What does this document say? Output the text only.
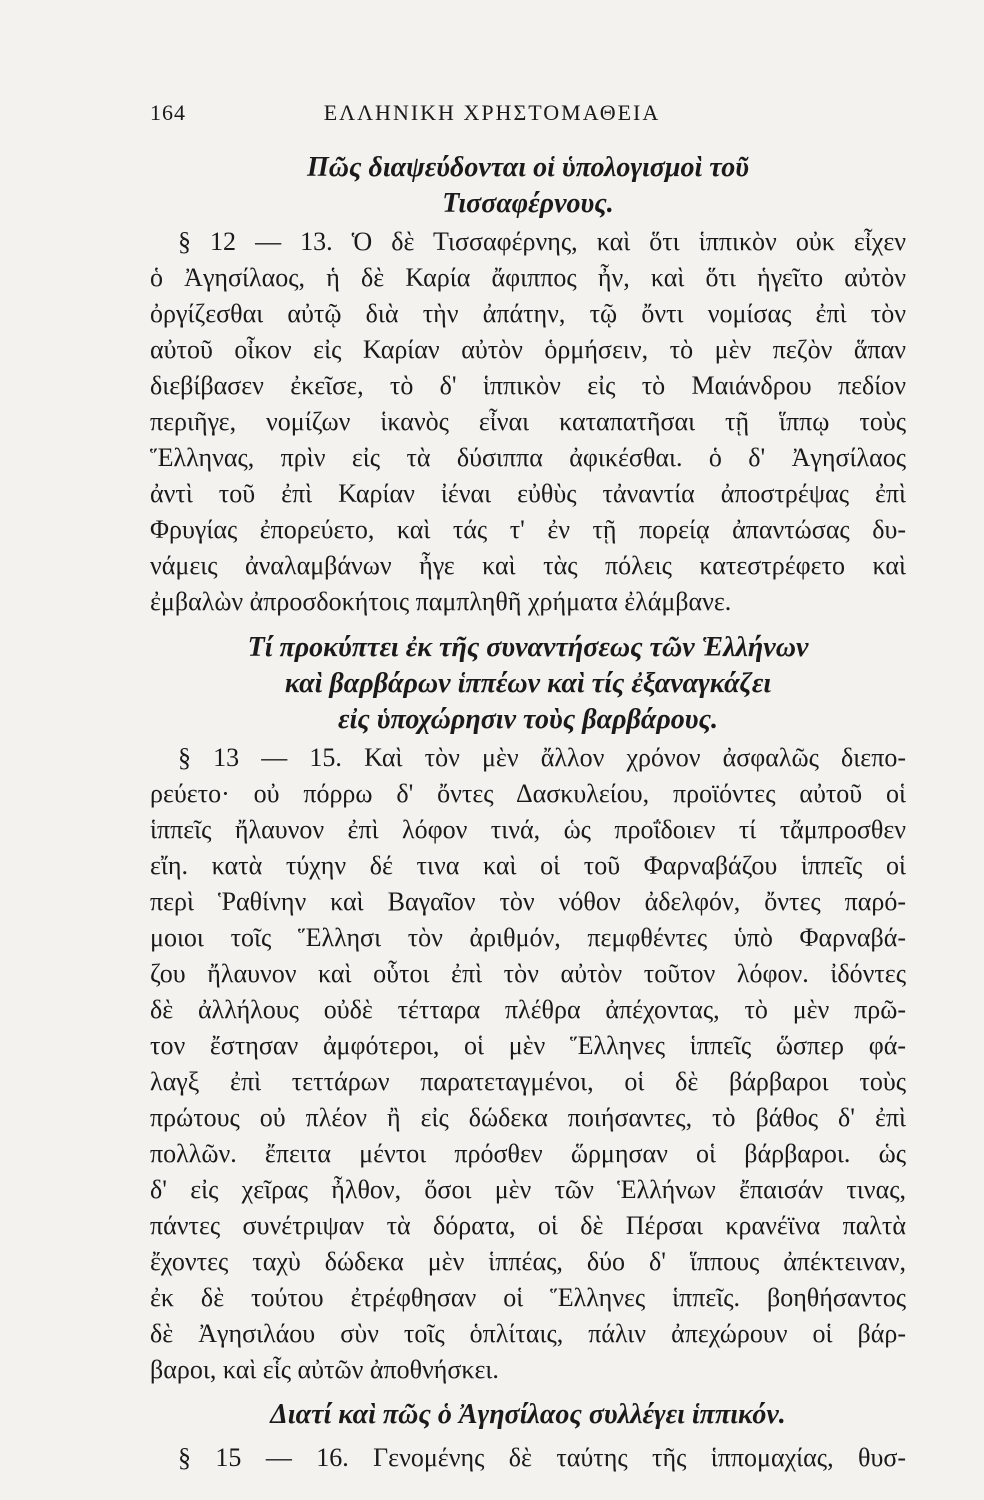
164	ΕΛΛΗΝΙΚΗ ΧΡΗΣΤΟΜΑΘΕΙΑ

Πῶς διαψεύδονται οἱ ὑπολογισμοὶ τοῦ

Τισσαφέρνους.

§ 12 — 13. Ὁ δὲ Τισσαφέρνης, καὶ ὅτι ἱππικὸν οὐκ εἶχεν
ὁ Ἀγησίλαος, ἡ δὲ Καρία ἄφιππος ἦν, καὶ ὅτι ἡγεῖτο αὐτὸν
ὀργίζεσθαι αὐτῷ διὰ τὴν ἀπάτην, τῷ ὄντι νομίσας ἐπὶ τὸν
αὐτοῦ οἶκον εἰς Καρίαν αὐτὸν ὁρμήσειν, τὸ μὲν πεζὸν ἅπαν
διεβίβασεν ἐκεῖσε, τὸ δ' ἱππικὸν εἰς τὸ Μαιάνδρου πεδίον
περιῆγε, νομίζων ἱκανὸς εἶναι καταπατῆσαι τῇ ἵππῳ τοὺς
Ἕλληνας, πρὶν εἰς τὰ δύσιππα ἀφικέσθαι. ὁ δ' Ἀγησίλαος
ἀντὶ τοῦ ἐπὶ Καρίαν ἰέναι εὐθὺς τἀναντία ἀποστρέψας ἐπὶ
Φρυγίας ἐπορεύετο, καὶ τάς τ' ἐν τῇ πορείᾳ ἀπαντώσας δυ-
νάμεις ἀναλαμβάνων ἦγε καὶ τὰς πόλεις κατεστρέφετο καὶ
ἐμβαλὼν ἀπροσδοκήτοις παμπληθῆ χρήματα ἐλάμβανε.

Τί προκύπτει ἐκ τῆς συναντήσεως τῶν Ἑλλήνων

καὶ βαρβάρων ἱππέων καὶ τίς ἐξαναγκάζει

εἰς ὑποχώρησιν τοὺς βαρβάρους.

§ 13 — 15. Καὶ τὸν μὲν ἄλλον χρόνον ἀσφαλῶς διεπο-
ρεύετο· οὐ πόρρω δ' ὄντες Δασκυλείου, προϊόντες αὐτοῦ οἱ
ἱππεῖς ἤλαυνον ἐπὶ λόφον τινά, ὡς προΐδοιεν τί τἄμπροσθεν
εἴη. κατὰ τύχην δέ τινα καὶ οἱ τοῦ Φαρναβάζου ἱππεῖς οἱ
περὶ Ῥαθίνην καὶ Βαγαῖον τὸν νόθον ἀδελφόν, ὄντες παρό-
μοιοι τοῖς Ἕλλησι τὸν ἀριθμόν, πεμφθέντες ὑπὸ Φαρναβά-
ζου ἤλαυνον καὶ οὗτοι ἐπὶ τὸν αὐτὸν τοῦτον λόφον. ἰδόντες
δὲ ἀλλήλους οὐδὲ τέτταρα πλέθρα ἀπέχοντας, τὸ μὲν πρῶ-
τον ἔστησαν ἀμφότεροι, οἱ μὲν Ἕλληνες ἱππεῖς ὥσπερ φά-
λαγξ ἐπὶ τεττάρων παρατεταγμένοι, οἱ δὲ βάρβαροι τοὺς
πρώτους οὐ πλέον ἢ εἰς δώδεκα ποιήσαντες, τὸ βάθος δ' ἐπὶ
πολλῶν. ἔπειτα μέντοι πρόσθεν ὥρμησαν οἱ βάρβαροι. ὡς
δ' εἰς χεῖρας ἦλθον, ὅσοι μὲν τῶν Ἑλλήνων ἔπαισάν τινας,
πάντες συνέτριψαν τὰ δόρατα, οἱ δὲ Πέρσαι κρανέϊνα παλτὰ
ἔχοντες ταχὺ δώδεκα μὲν ἱππέας, δύο δ' ἵππους ἀπέκτειναν,
ἐκ δὲ τούτου ἐτρέφθησαν οἱ Ἕλληνες ἱππεῖς. βοηθήσαντος
δὲ Ἀγησιλάου σὺν τοῖς ὁπλίταις, πάλιν ἀπεχώρουν οἱ βάρ-
βαροι, καὶ εἷς αὐτῶν ἀποθνήσκει.

Διατί καὶ πῶς ὁ Ἀγησίλαος συλλέγει ἱππικόν.

§ 15 — 16. Γενομένης δὲ ταύτης τῆς ἱππομαχίας, θυσ-
